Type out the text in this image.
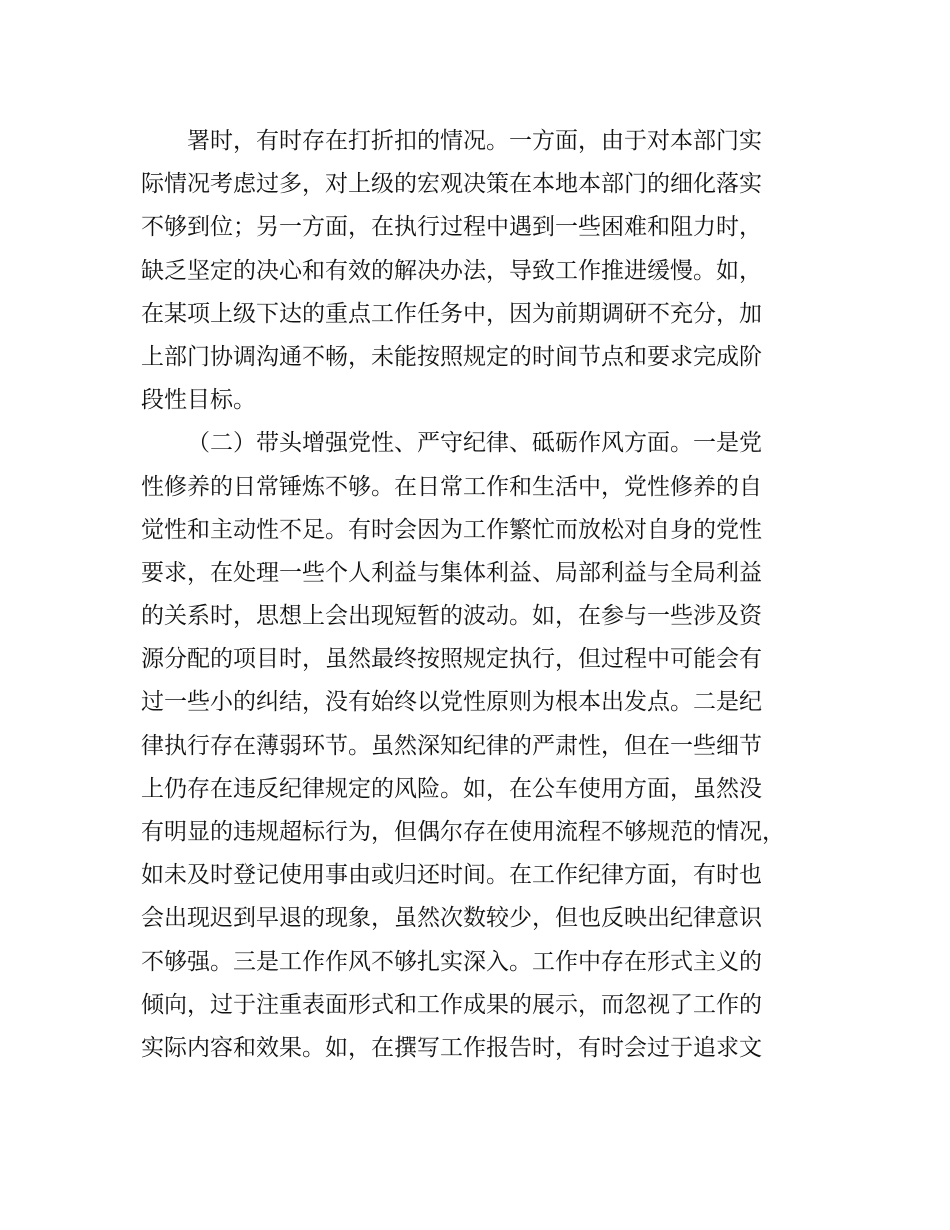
署时，有时存在打折扣的情况。一方面，由于对本部门实
际情况考虑过多，对上级的宏观决策在本地本部门的细化落实
不够到位；另一方面，在执行过程中遇到一些困难和阻力时，
缺乏坚定的决心和有效的解决办法，导致工作推进缓慢。如，
在某项上级下达的重点工作任务中，因为前期调研不充分，加
上部门协调沟通不畅，未能按照规定的时间节点和要求完成阶
段性目标。
（二）带头增强党性、严守纪律、砥砺作风方面。一是党
性修养的日常锤炼不够。在日常工作和生活中，党性修养的自
觉性和主动性不足。有时会因为工作繁忙而放松对自身的党性
要求，在处理一些个人利益与集体利益、局部利益与全局利益
的关系时，思想上会出现短暂的波动。如，在参与一些涉及资
源分配的项目时，虽然最终按照规定执行，但过程中可能会有
过一些小的纠结，没有始终以党性原则为根本出发点。二是纪
律执行存在薄弱环节。虽然深知纪律的严肃性，但在一些细节
上仍存在违反纪律规定的风险。如，在公车使用方面，虽然没
有明显的违规超标行为，但偶尔存在使用流程不够规范的情况，
如未及时登记使用事由或归还时间。在工作纪律方面，有时也
会出现迟到早退的现象，虽然次数较少，但也反映出纪律意识
不够强。三是工作作风不够扎实深入。工作中存在形式主义的
倾向，过于注重表面形式和工作成果的展示，而忽视了工作的
实际内容和效果。如，在撰写工作报告时，有时会过于追求文
